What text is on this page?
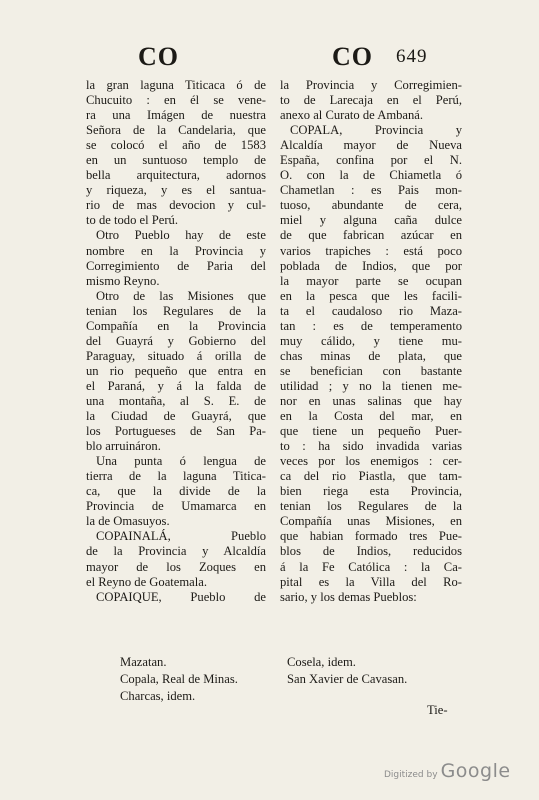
CO	CO 649
la gran laguna Titicaca ó de
Chucuito : en él se vene-
ra una Imágen de nuestra
Señora de la Candelaria, que
se colocó el año de 1583
en un suntuoso templo de
bella arquitectura, adornos
y riqueza, y es el santua-
rio de mas devocion y cul-
to de todo el Perú.
Otro Pueblo hay de este
nombre en la Provincia y
Corregimiento de Paria del
mismo Reyno.
Otro de las Misiones que
tenian los Regulares de la
Compañía en la Provincia
del Guayrá y Gobierno del
Paraguay, situado á orilla de
un rio pequeño que entra en
el Paraná, y á la falda de
una montaña, al S. E. de
la Ciudad de Guayrá, que
los Portugueses de San Pa-
blo arruináron.
Una punta ó lengua de
tierra de la laguna Titica-
ca, que la divide de la
Provincia de Umamarca en
la de Omasuyos.
COPAINALÁ, Pueblo
de la Provincia y Alcaldía
mayor de los Zoques en
el Reyno de Goatemala.
COPAIQUE, Pueblo de
la Provincia y Corregimien-
to de Larecaja en el Perú,
anexo al Curato de Ambaná.
COPALA, Provincia y
Alcaldía mayor de Nueva
España, confina por el N.
O. con la de Chiametla ó
Chametlan : es Pais mon-
tuoso, abundante de cera,
miel y alguna caña dulce
de que fabrican azúcar en
varios trapiches : está poco
poblada de Indios, que por
la mayor parte se ocupan
en la pesca que les facili-
ta el caudaloso rio Maza-
tan : es de temperamento
muy cálido, y tiene mu-
chas minas de plata, que
se benefician con bastante
utilidad ; y no la tienen me-
nor en unas salinas que hay
en la Costa del mar, en
que tiene un pequeño Puer-
to : ha sido invadida varias
veces por los enemigos : cer-
ca del rio Piastla, que tam-
bien riega esta Provincia,
tenian los Regulares de la
Compañía unas Misiones, en
que habian formado tres Pue-
blos de Indios, reducidos
á la Fe Católica : la Ca-
pital es la Villa del Ro-
sario, y los demas Pueblos:
Mazatan.
Copala, Real de Minas.
Charcas, idem.
Cosela, idem.
San Xavier de Cavasan.
Tie-
Digitized by Google
